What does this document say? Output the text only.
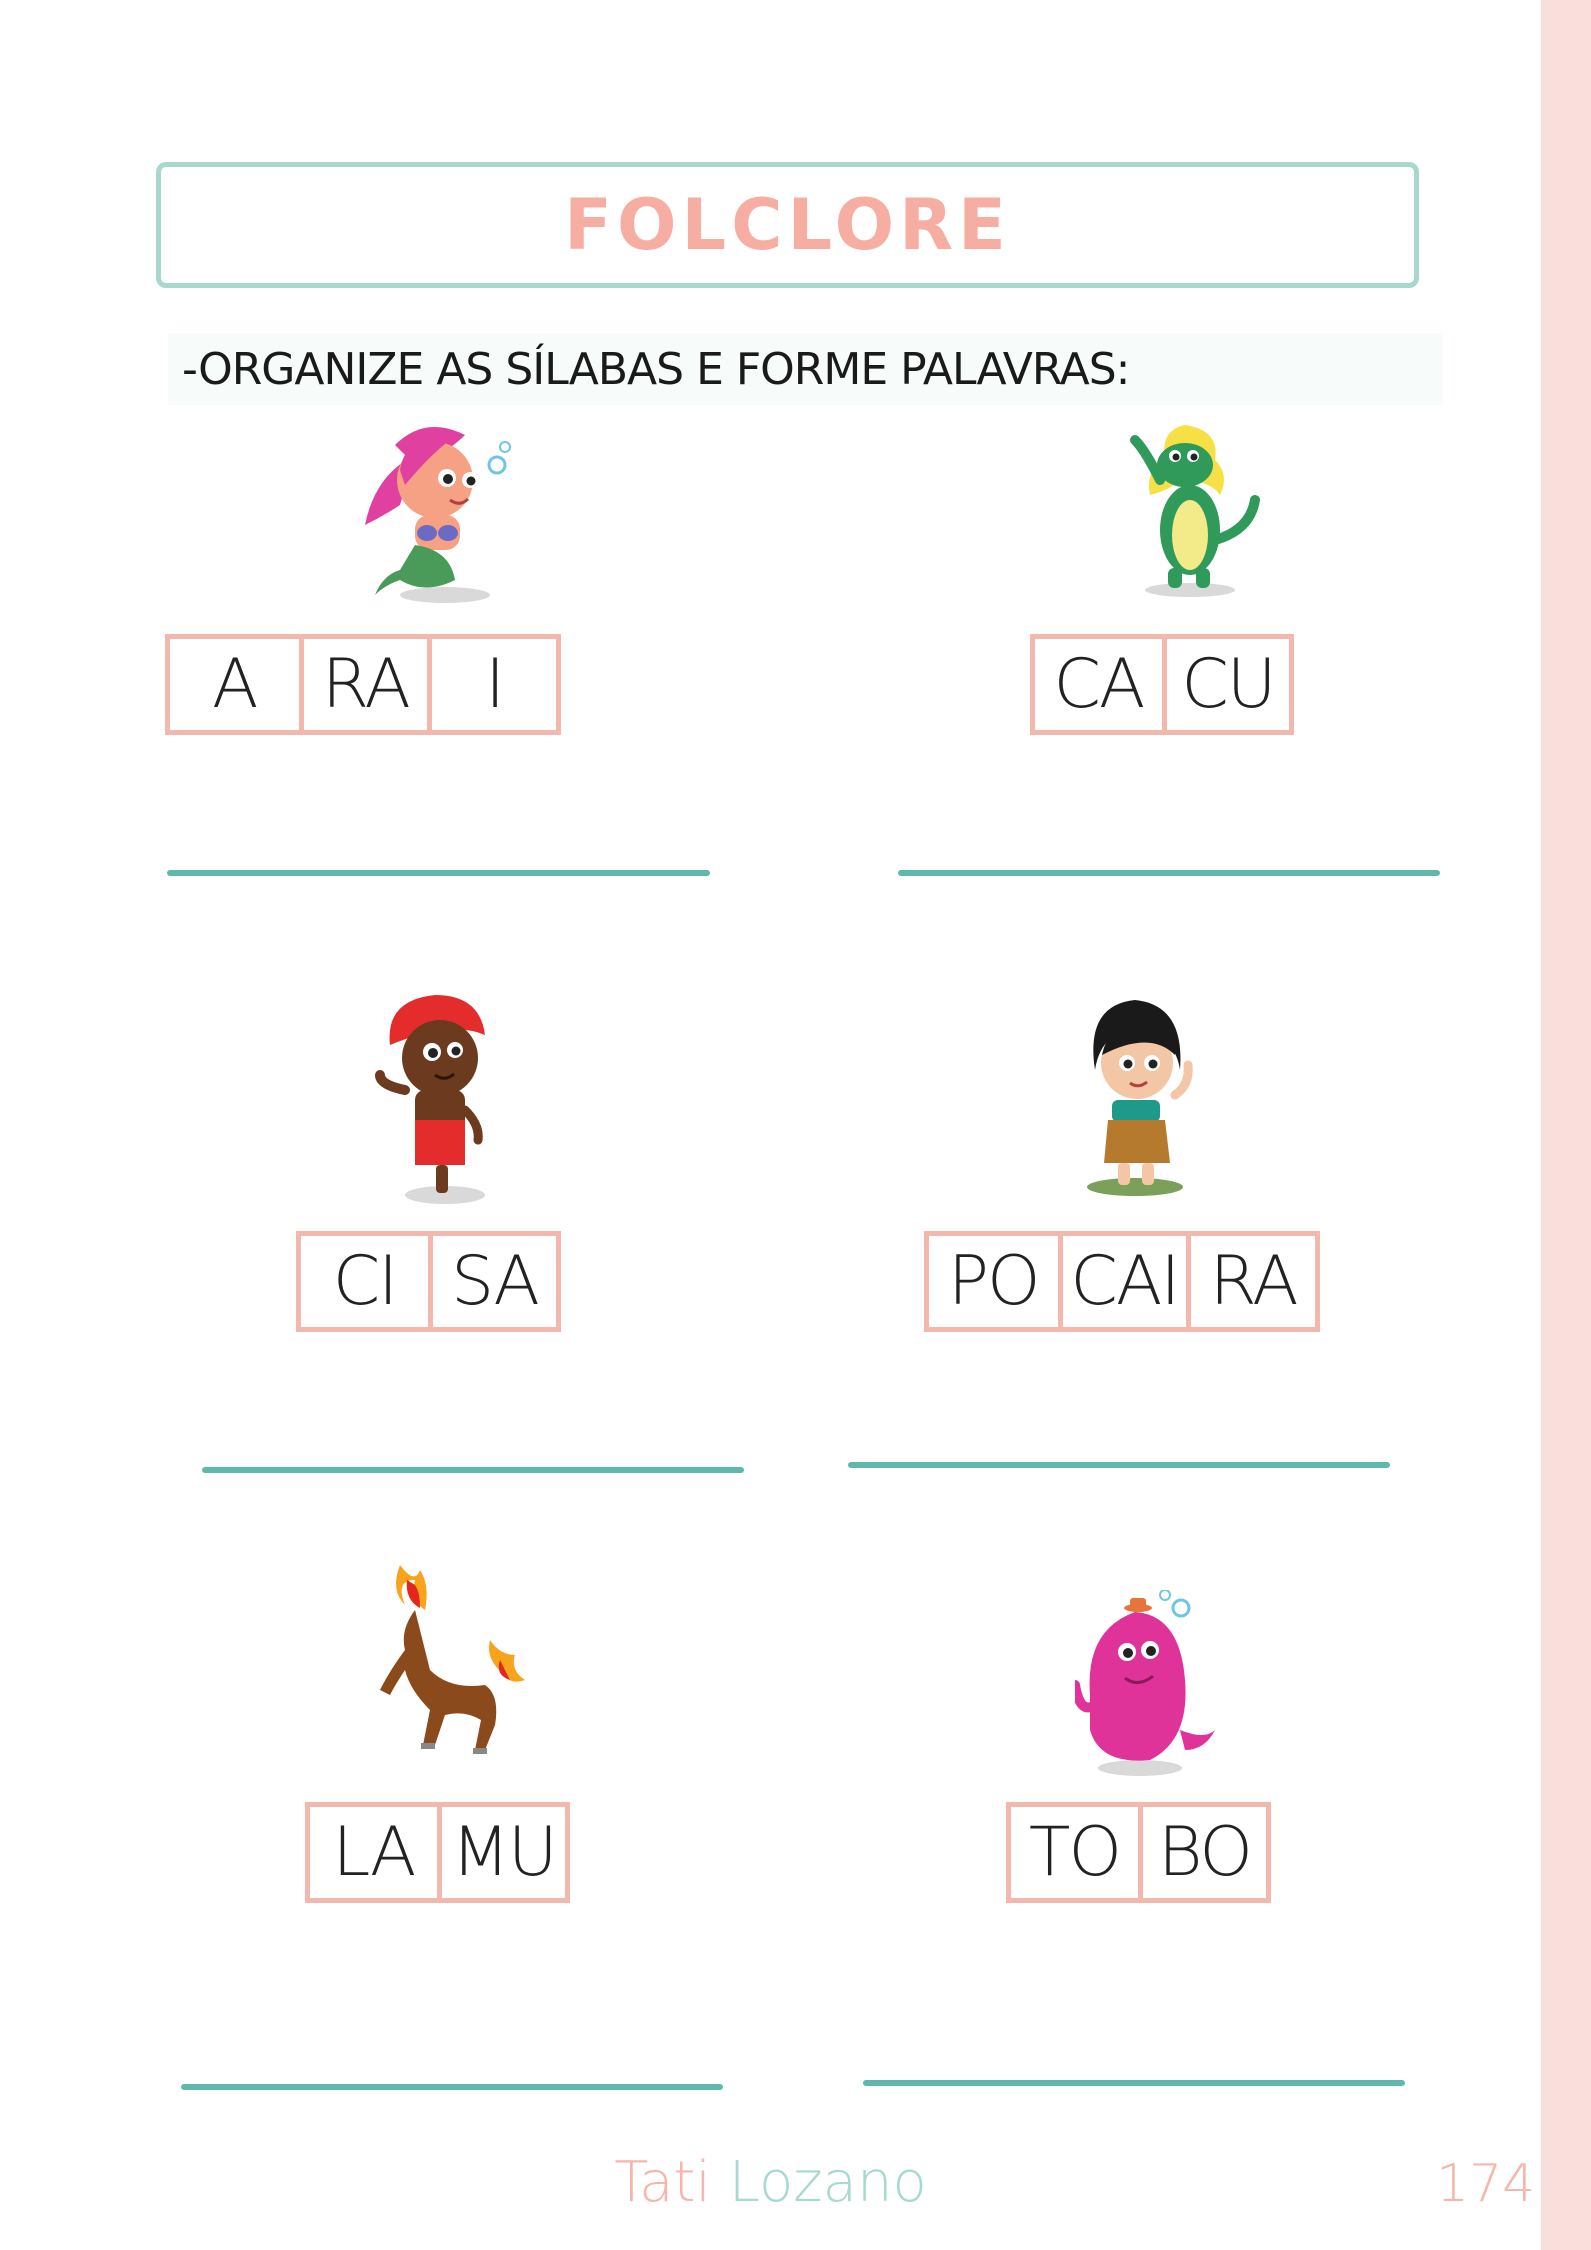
FOLCLORE
-ORGANIZE AS SÍLABAS E FORME PALAVRAS:
A RA	I	CA CU
CI SA	PO CAI RA
LA MU	TO BO
Tati Lozano	174
